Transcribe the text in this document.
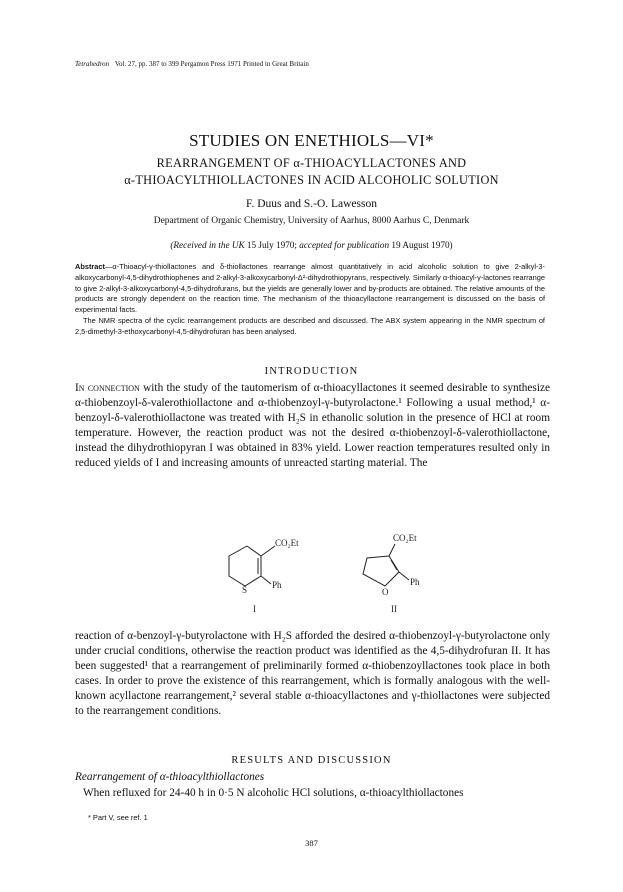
Tetrahedron Vol. 27, pp. 387 to 399 Pergamon Press 1971 Printed in Great Britain
STUDIES ON ENETHIOLS—VI*
REARRANGEMENT OF α-THIOACYLLACTONES AND
α-THIOACYLTHIOLLACTONES IN ACID ALCOHOLIC SOLUTION
F. Duus and S.-O. Lawesson
Department of Organic Chemistry, University of Aarhus, 8000 Aarhus C, Denmark
(Received in the UK 15 July 1970; accepted for publication 19 August 1970)

Abstract—α-Thioacyl-γ-thiollactones and δ-thiollactones rearrange almost quantitatively in acid alcoholic solution to give 2-alkyl-3-alkoxycarbonyl-4,5-dihydrothiophenes and 2-alkyl-3-alkoxycarbonyl-Δ²-dihydrothiopyrans, respectively. Similarly α-thioacyl-γ-lactones rearrange to give 2-alkyl-3-alkoxycarbonyl-4,5-dihydrofurans, but the yields are generally lower and by-products are obtained. The relative amounts of the products are strongly dependent on the reaction time. The mechanism of the thioacyllactone rearrangement is discussed on the basis of experimental facts.

The NMR spectra of the cyclic rearrangement products are described and discussed. The ABX system appearing in the NMR spectrum of 2,5-dimethyl-3-ethoxycarbonyl-4,5-dihydrofuran has been analysed.

INTRODUCTION

In connection with the study of the tautomerism of α-thioacyllactones it seemed desirable to synthesize α-thiobenzoyl-δ-valerothiollactone and α-thiobenzoyl-γ-butyrolactone.¹ Following a usual method,¹ α-benzoyl-δ-valerothiollactone was treated with H₂S in ethanolic solution in the presence of HCl at room temperature. However, the reaction product was not the desired α-thiobenzoyl-δ-valerothiollactone, instead the dihydrothiopyran I was obtained in 83% yield. Lower reaction temperatures resulted only in reduced yields of I and increasing amounts of unreacted starting material. The

CO₂Et
S	Ph
I
CO₂Et
O
Ph
II

reaction of α-benzoyl-γ-butyrolactone with H₂S afforded the desired α-thiobenzoyl-γ-butyrolactone only under crucial conditions, otherwise the reaction product was identified as the 4,5-dihydrofuran II. It has been suggested¹ that a rearrangement of preliminarily formed α-thiobenzoyllactones took place in both cases. In order to prove the existence of this rearrangement, which is formally analogous with the well-known acyllactone rearrangement,² several stable α-thioacyllactones and γ-thiollactones were subjected to the rearrangement conditions.

RESULTS AND DISCUSSION
Rearrangement of α-thioacylthiollactones
When refluxed for 24-40 h in 0·5 N alcoholic HCl solutions, α-thioacylthiollactones
* Part V, see ref. 1
387
